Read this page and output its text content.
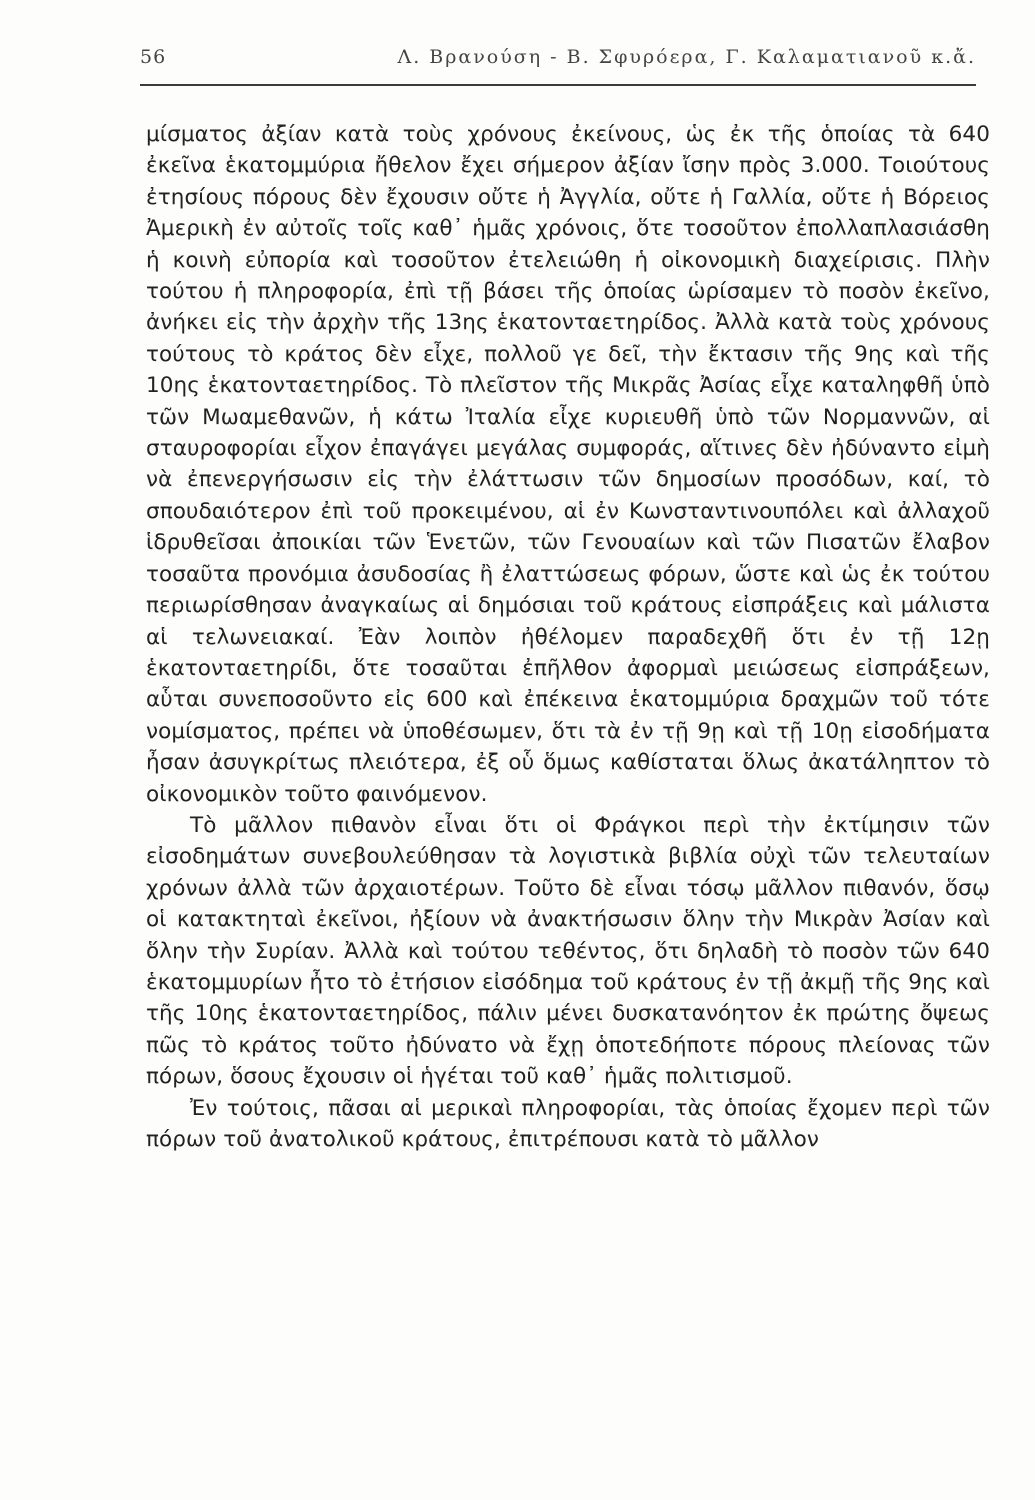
56	Λ. Βρανούση - Β. Σφυρόερα, Γ. Καλαματιανοῦ κ.ἄ.

μίσματος ἀξίαν κατὰ τοὺς χρόνους ἐκείνους, ὡς ἐκ τῆς ὁποίας τὰ 640 ἐκεῖνα ἑκατομμύρια ἤθελον ἔχει σήμερον ἀξίαν ἴσην πρὸς 3.000. Τοιούτους ἐτησίους πόρους δὲν ἔχουσιν οὔτε ἡ Ἀγγλία, οὔτε ἡ Γαλλία, οὔτε ἡ Βόρειος Ἀμερικὴ ἐν αὐτοῖς τοῖς καθ᾽ ἡμᾶς χρόνοις, ὅτε τοσοῦτον ἐπολλαπλασιάσθη ἡ κοινὴ εὐπορία καὶ τοσοῦτον ἐτελειώθη ἡ οἰκονομικὴ διαχείρισις. Πλὴν τούτου ἡ πληροφορία, ἐπὶ τῇ βάσει τῆς ὁποίας ὡρίσαμεν τὸ ποσὸν ἐκεῖνο, ἀνήκει εἰς τὴν ἀρχὴν τῆς 13ης ἑκατονταετηρίδος. Ἀλλὰ κατὰ τοὺς χρόνους τούτους τὸ κράτος δὲν εἶχε, πολλοῦ γε δεῖ, τὴν ἔκτασιν τῆς 9ης καὶ τῆς 10ης ἑκατονταετηρίδος. Τὸ πλεῖστον τῆς Μικρᾶς Ἀσίας εἶχε καταληφθῆ ὑπὸ τῶν Μωαμεθανῶν, ἡ κάτω Ἰταλία εἶχε κυριευθῆ ὑπὸ τῶν Νορμαννῶν, αἱ σταυροφορίαι εἶχον ἐπαγάγει μεγάλας συμφοράς, αἵτινες δὲν ἠδύναντο εἰμὴ νὰ ἐπενεργήσωσιν εἰς τὴν ἐλάττωσιν τῶν δημοσίων προσόδων, καί, τὸ σπουδαιότερον ἐπὶ τοῦ προκειμένου, αἱ ἐν Κωνσταντινουπόλει καὶ ἀλλαχοῦ ἱδρυθεῖσαι ἀποικίαι τῶν Ἑνετῶν, τῶν Γενουαίων καὶ τῶν Πισατῶν ἔλαβον τοσαῦτα προνόμια ἀσυδοσίας ἢ ἐλαττώσεως φόρων, ὥστε καὶ ὡς ἐκ τούτου περιωρίσθησαν ἀναγκαίως αἱ δημόσιαι τοῦ κράτους εἰσπράξεις καὶ μάλιστα αἱ τελωνειακαί. Ἐὰν λοιπὸν ἠθέλομεν παραδεχθῆ ὅτι ἐν τῇ 12ῃ ἑκατονταετηρίδι, ὅτε τοσαῦται ἐπῆλθον ἀφορμαὶ μειώσεως εἰσπράξεων, αὗται συνεποσοῦντο εἰς 600 καὶ ἐπέκεινα ἑκατομμύρια δραχμῶν τοῦ τότε νομίσματος, πρέπει νὰ ὑποθέσωμεν, ὅτι τὰ ἐν τῇ 9ῃ καὶ τῇ 10ῃ εἰσοδήματα ἦσαν ἀσυγκρίτως πλειότερα, ἐξ οὗ ὅμως καθίσταται ὅλως ἀκατάληπτον τὸ οἰκονομικὸν τοῦτο φαινόμενον.

Τὸ μᾶλλον πιθανὸν εἶναι ὅτι οἱ Φράγκοι περὶ τὴν ἐκτίμησιν τῶν εἰσοδημάτων συνεβουλεύθησαν τὰ λογιστικὰ βιβλία οὐχὶ τῶν τελευταίων χρόνων ἀλλὰ τῶν ἀρχαιοτέρων. Τοῦτο δὲ εἶναι τόσῳ μᾶλλον πιθανόν, ὅσῳ οἱ κατακτηταὶ ἐκεῖνοι, ἠξίουν νὰ ἀνακτήσωσιν ὅλην τὴν Μικρὰν Ἀσίαν καὶ ὅλην τὴν Συρίαν. Ἀλλὰ καὶ τούτου τεθέντος, ὅτι δηλαδὴ τὸ ποσὸν τῶν 640 ἑκατομμυρίων ἦτο τὸ ἐτήσιον εἰσόδημα τοῦ κράτους ἐν τῇ ἀκμῇ τῆς 9ης καὶ τῆς 10ης ἑκατονταετηρίδος, πάλιν μένει δυσκατανόητον ἐκ πρώτης ὄψεως πῶς τὸ κράτος τοῦτο ἠδύνατο νὰ ἔχῃ ὁποτεδήποτε πόρους πλείονας τῶν πόρων, ὅσους ἔχουσιν οἱ ἡγέται τοῦ καθ᾽ ἡμᾶς πολιτισμοῦ.

Ἐν τούτοις, πᾶσαι αἱ μερικαὶ πληροφορίαι, τὰς ὁποίας ἔχομεν περὶ τῶν πόρων τοῦ ἀνατολικοῦ κράτους, ἐπιτρέπουσι κατὰ τὸ μᾶλλον
